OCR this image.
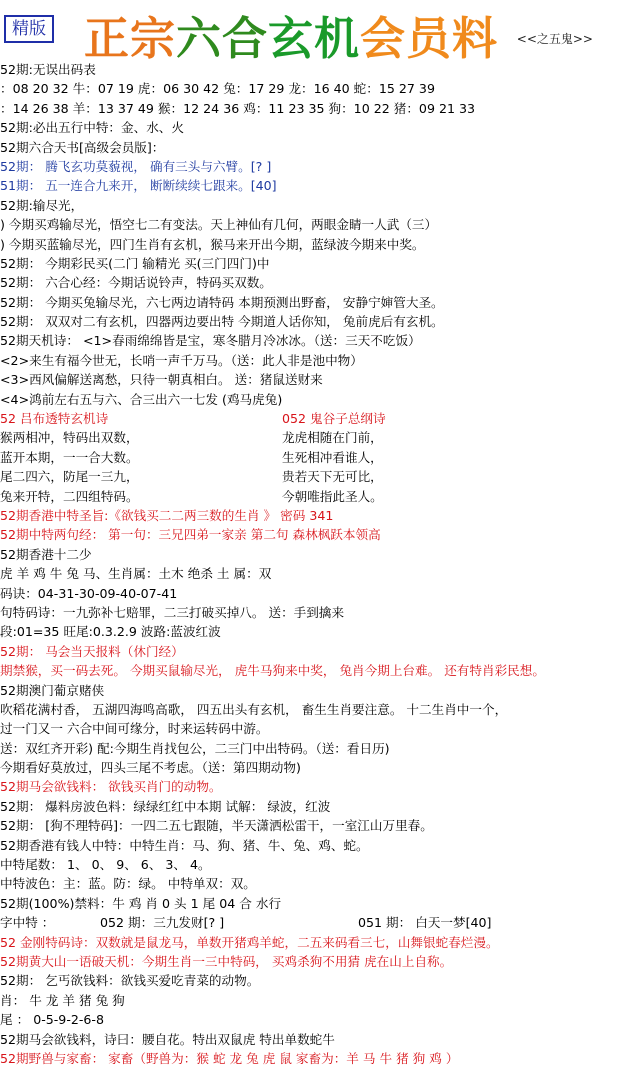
精版 正宗六合玄机会员料 <<之五鬼>>
52期:无误出码表
：08 20 32 牛：07 19 虎：06 30 42 兔：17 29 龙：16 40 蛇：15 27 39
：14 26 38 羊：13 37 49 猴：12 24 36 鸡：11 23 35 狗：10 22 猪：09 21 33
52期:必出五行中特：金、水、火
52期六合天书[高级会员版]：
52期： 腾飞玄功莫藐视， 确有三头与六臂。[? ]
51期： 五一连合九来开， 断断续续七跟来。[40]
52期:输尽光，
) 今期买鸡输尽光，悟空七二有变法。天上神仙有几何，两眼金睛一人武（三）
) 今期买蓝输尽光，四门生肖有玄机，猴马来开出今期，蓝绿波今期来中奖。
52期： 今期彩民买(二门 输精光 买(三门四门)中
52期： 六合心经：今期话说铃声，特码买双数。
52期： 今期买兔输尽光，六七两边请特码 本期预测出野畜， 安静宁婶管大圣。
52期： 双双对二有玄机，四器两边要出特 今期道人话你知， 兔前虎后有玄机。
52期天机诗： <1>春雨绵绵皆是宝，寒冬腊月冷冰冰。（送：三天不吃饭）
<2>来生有福今世无，长哨一声千万马。（送：此人非是池中物）
<3>西风偏解送离愁，只待一朝真相白。 送：猪鼠送财来
<4>鸿前左右五与六、合三出六一七发 (鸡马虎兔)
52 吕布透特玄机诗	052 鬼谷子总纲诗
猴两相冲，特码出双数，	龙虎相随在门前，
蓝开本期，一一合大数。	生死相冲看谁人，
尾二四六，防尾一三九，	贵若天下无可比，
兔来开特，二四组特码。	今朝唯指此圣人。
52期香港中特圣旨:《欲钱买二二两三数的生肖 》 密码 341
52期中特两句经： 第一句：三兄四弟一家亲 第二句 森林枫跃本领高
52期香港十二少
虎 羊 鸡 牛 兔 马、生肖属：土木 绝杀 土 属：双
码诀：04-31-30-09-40-07-41
句特码诗：一九弥补七赔罪，二三打破买掉八。 送：手到擒来
段:01=35 旺尾:0.3.2.9 波路:蓝波红波
52期： 马会当天报料（休门经）
期禁猴，买一码去死。 今期买鼠输尽光， 虎牛马狗来中奖， 兔肖今期上台难。 还有特肖彩民想。
52期澳门葡京赌侠
吹稻花满村香， 五湖四海鸣高歌， 四五出头有玄机， 畜生生肖要注意。 十二生肖中一个，
过一门又一 六合中间可缘分，时来运转码中游。
送：双红齐开彩) 配:今期生肖找包公，二三门中出特码。（送：看日历)
今期看好莫放过，四头三尾不考虑。（送：第四期动物)
52期马会欲钱料： 欲钱买肖门的动物。
52期： 爆料房波色料：绿绿红红中本期 试解： 绿波，红波
52期： [狗不理特码]：一四二五七跟随，半天潇洒松雷干，一室江山万里春。
52期香港有钱人中特：中特生肖：马、狗、猪、牛、兔、鸡、蛇。
中特尾数： 1、 0、 9、 6、 3、 4。
中特波色：主：蓝。防：绿。 中特单双：双。
52期(100%)禁料：牛 鸡 肖 0 头 1 尾 04 合 水行
字中特 ：	052 期：三九发财[? ]	051 期： 白天一梦[40]
52 金刚特码诗：双数就是鼠龙马，单数开猪鸡羊蛇，二五来码看三七，山舞银蛇春烂漫。
52期黄大山一语破天机：今期生肖一三中特码， 买鸡杀狗不用猜 虎在山上自称。
52期： 乞丐欲钱料：欲钱买爱吃青菜的动物。
肖： 牛 龙 羊 猪 兔 狗
尾 ： 0-5-9-2-6-8
52期马会欲钱料，诗曰：腰自花。特出双鼠虎 特出单数蛇牛
52期野兽与家畜： 家畜（野兽为：猴 蛇 龙 兔 虎 鼠 家畜为：羊 马 牛 猪 狗 鸡 ）
